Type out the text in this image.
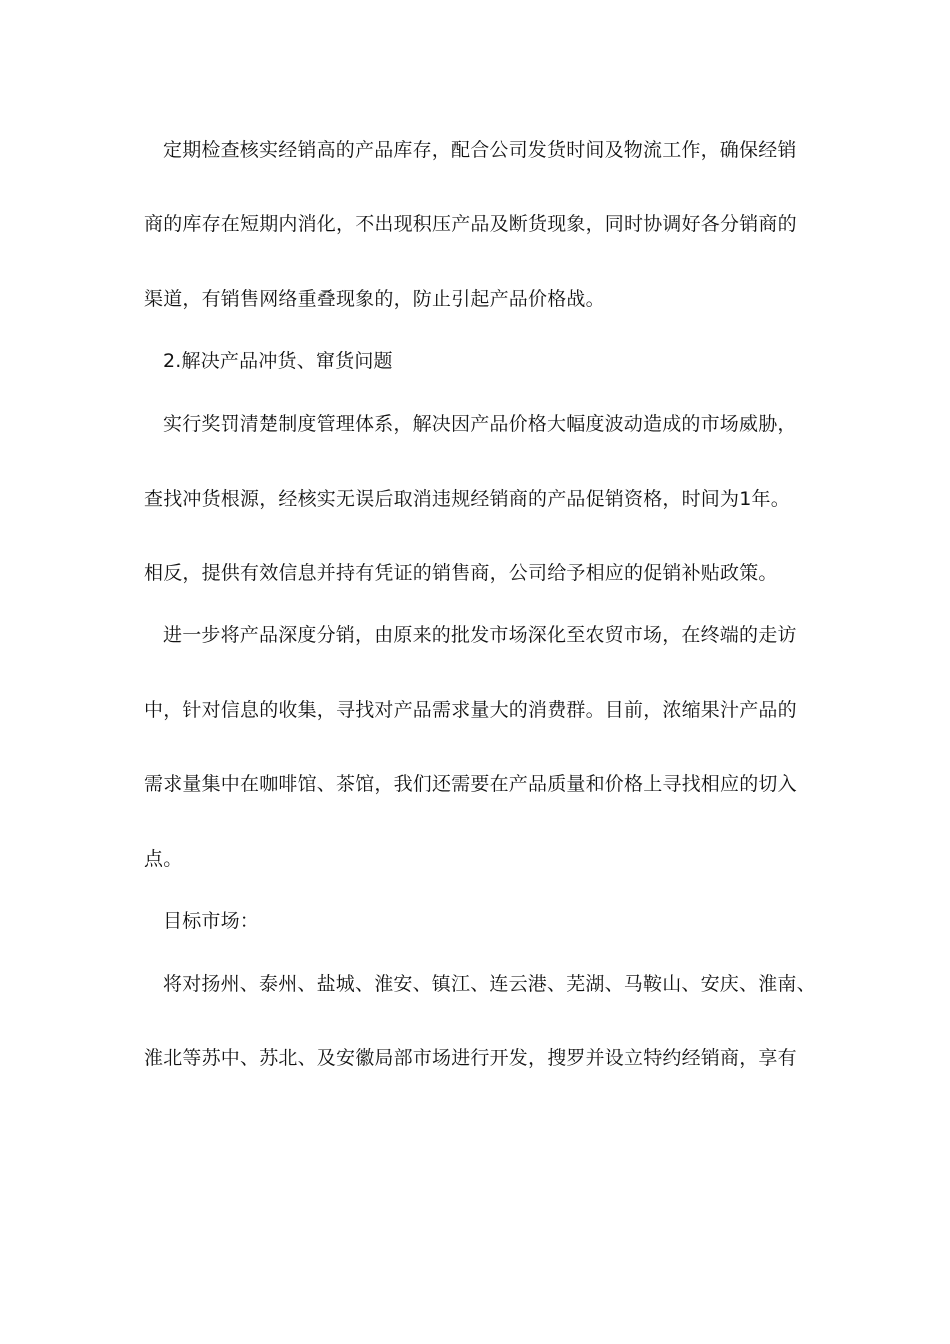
定期检查核实经销高的产品库存，配合公司发货时间及物流工作，确保经销
商的库存在短期内消化，不出现积压产品及断货现象，同时协调好各分销商的
渠道，有销售网络重叠现象的，防止引起产品价格战。
2.解决产品冲货、窜货问题
实行奖罚清楚制度管理体系，解决因产品价格大幅度波动造成的市场威胁，
查找冲货根源，经核实无误后取消违规经销商的产品促销资格，时间为1年。
相反，提供有效信息并持有凭证的销售商，公司给予相应的促销补贴政策。
进一步将产品深度分销，由原来的批发市场深化至农贸市场，在终端的走访
中，针对信息的收集，寻找对产品需求量大的消费群。目前，浓缩果汁产品的
需求量集中在咖啡馆、茶馆，我们还需要在产品质量和价格上寻找相应的切入
点。
目标市场：
将对扬州、泰州、盐城、淮安、镇江、连云港、芜湖、马鞍山、安庆、淮南、
淮北等苏中、苏北、及安徽局部市场进行开发，搜罗并设立特约经销商，享有
